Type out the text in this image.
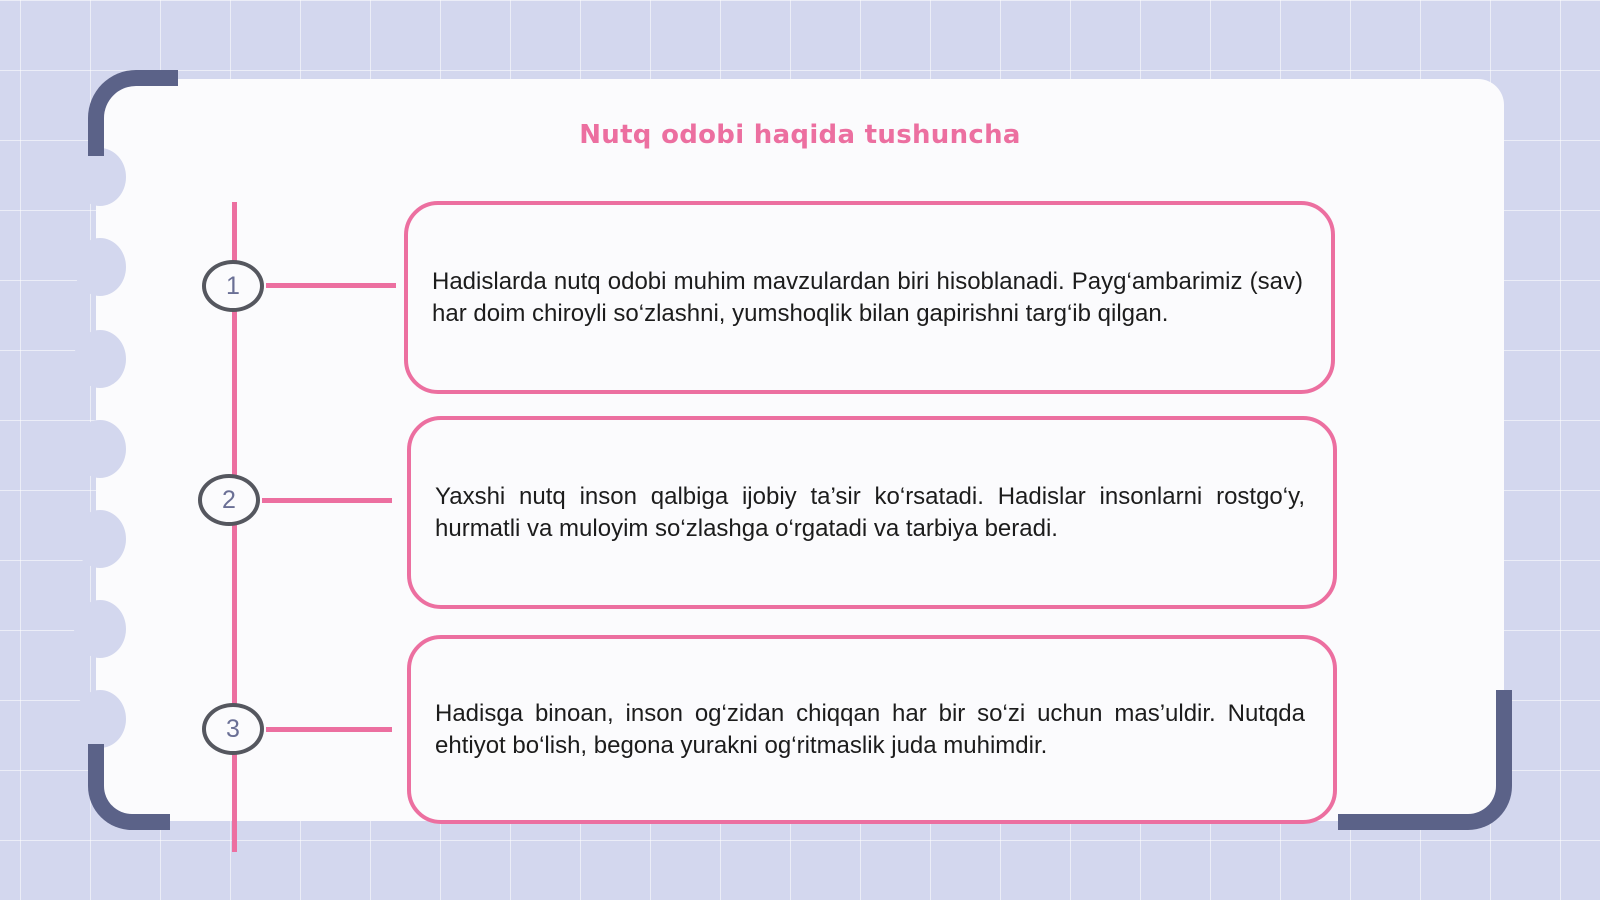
Nutq odobi haqida tushuncha
1	Hadislarda nutq odobi muhim mavzulardan biri hisoblanadi. Payg‘ambarimiz (sav) har doim chiroyli so‘zlashni, yumshoqlik bilan gapirishni targ‘ib qilgan.
2	Yaxshi nutq inson qalbiga ijobiy ta’sir ko‘rsatadi. Hadislar insonlarni rostgo‘y, hurmatli va muloyim so‘zlashga o‘rgatadi va tarbiya beradi.
3
Hadisga binoan, inson og‘zidan chiqqan har bir so‘zi uchun mas’uldir. Nutqda ehtiyot bo‘lish, begona yurakni og‘ritmaslik juda muhimdir.
